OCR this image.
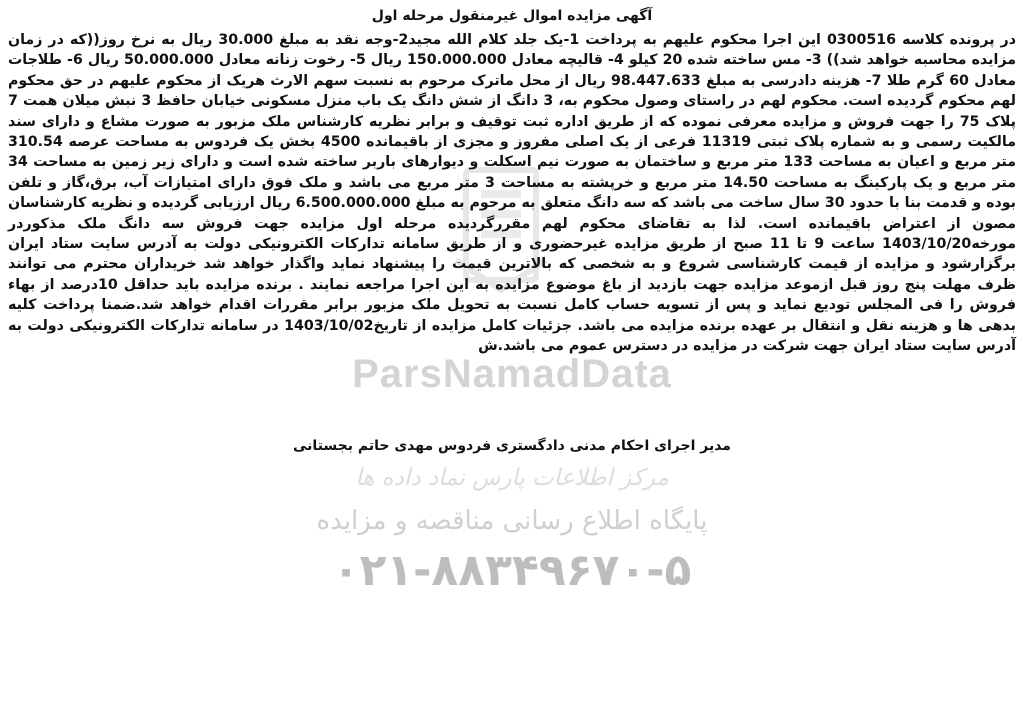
ParsNamadData
مرکز اطلاعات پارس نماد داده ها
پایگاه اطلاع رسانی مناقصه و مزایده
۰۲۱-۸۸۳۴۹۶۷۰-۵
آگهی مزایده اموال غیرمنقول مرحله اول

در پرونده کلاسه 0300516 این اجرا محکوم علیهم به پرداخت 1-یک جلد کلام الله مجید2-وجه نقد به مبلغ 30.000 ریال به نرخ روز((که در زمان مزایده محاسبه خواهد شد)) 3- مس ساخته شده 20 کیلو 4- قالیچه معادل 150.000.000 ریال 5- رخوت زنانه معادل 50.000.000 ریال 6- طلاجات معادل 60 گرم طلا 7- هزینه دادرسی به مبلغ 98.447.633 ریال از محل ماترک مرحوم به نسبت سهم الارث هریک از محکوم علیهم در حق محکوم لهم محکوم گردیده است. محکوم لهم در راستای وصول محکوم به، 3 دانگ از شش دانگ یک باب منزل مسکونی خیابان حافظ 3 نبش میلان همت 7 پلاک 75 را جهت فروش و مزایده معرفی نموده که از طریق اداره ثبت توقیف و برابر نظریه کارشناس ملک مزبور به صورت مشاع و دارای سند مالکیت رسمی و به شماره پلاک ثبتی 11319 فرعی از یک اصلی مفروز و مجزی از باقیمانده 4500 بخش یک فردوس به مساحت عرصه 310.54 متر مربع و اعیان به مساحت 133 متر مربع و ساختمان به صورت نیم اسکلت و دیوارهای باربر ساخته شده است و دارای زیر زمین به مساحت 34 متر مربع و یک پارکینگ به مساحت 14.50 متر مربع و خرپشته به مساحت 3 متر مربع می باشد و ملک فوق دارای امتیازات آب، برق،گاز و تلفن بوده و قدمت بنا با حدود 30 سال ساخت می باشد که سه دانگ متعلق به مرحوم به مبلغ 6.500.000.000 ریال ارزیابی گردیده و نظریه کارشناسان مصون از اعتراض باقیمانده است. لذا به تقاضای محکوم لهم مقررگردیده مرحله اول مزایده جهت فروش سه دانگ ملک مذکوردر مورخه1403/10/20 ساعت 9 تا 11 صبح از طریق مزایده غیرحضوری و از طریق سامانه تدارکات الکترونیکی دولت به آدرس سایت ستاد ایران برگزارشود و مزایده از قیمت کارشناسی شروع و به شخصی که بالاترین قیمت را پیشنهاد نماید واگذار خواهد شد خریداران محترم می توانند ظرف مهلت پنج روز قبل ازموعد مزایده جهت بازدید از باغ موضوع مزایده به این اجرا مراجعه نمایند . برنده مزایده باید حداقل 10درصد از بهاء فروش را فی المجلس تودیع نماید و پس از تسویه حساب کامل نسبت به تحویل ملک مزبور برابر مقررات اقدام خواهد شد.ضمنا پرداخت کلیه بدهی ها و هزینه نقل و انتقال بر عهده برنده مزایده می باشد. جزئیات کامل مزایده از تاریخ1403/10/02 در سامانه تدارکات الکترونیکی دولت به آدرس سایت ستاد ایران جهت شرکت در مزایده در دسترس عموم می باشد.ش

مدیر اجرای احکام مدنی دادگستری فردوس مهدی حاتم بجستانی
